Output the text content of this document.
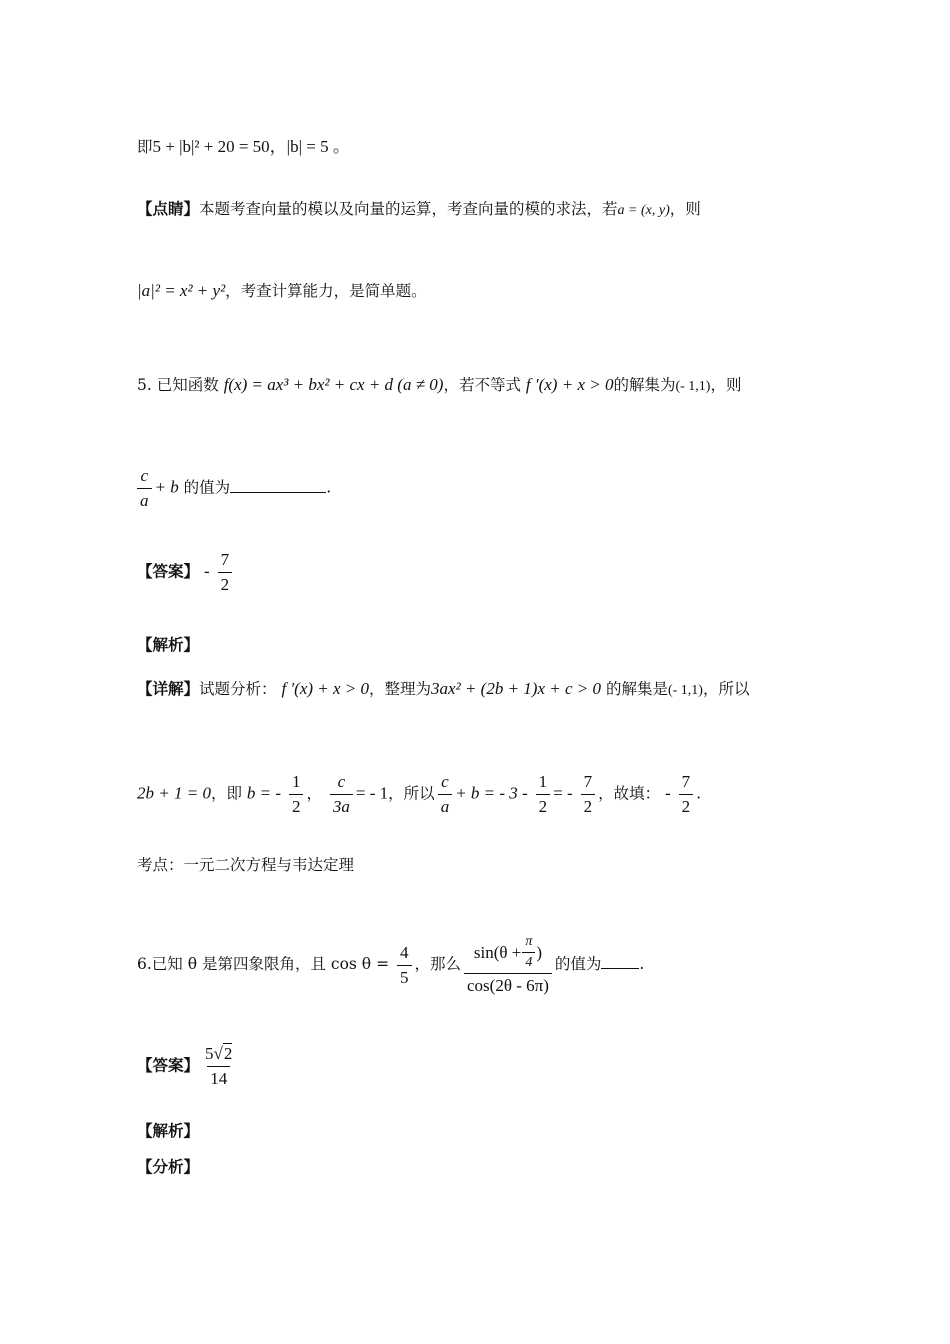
即5 + |b|² + 20 = 50，|b| = 5 。
【点睛】本题考查向量的模以及向量的运算，考查向量的模的求法，若a = (x, y)，则
|a|² = x² + y²，考查计算能力，是简单题。
5. 已知函数 f(x) = ax³ + bx² + cx + d (a ≠ 0)，若不等式 f ′(x) + x > 0的解集为(- 1,1)，则
$\frac{c}{a} + b$ 的值为	.
【答案】 - $\frac{7}{2}$
【解析】
【详解】试题分析： f ′(x) + x > 0，整理为3ax² + (2b + 1)x + c > 0 的解集是(- 1,1)，所以
2b + 1 = 0，即 b = - $\frac{1}{2}$ ， $\frac{c}{3a}$ = - 1，所以 $\frac{c}{a} + b$ = - $3 - \frac{1}{2}$ = - $\frac{7}{2}$ ，故填： - $\frac{7}{2}$ .
考点：一元二次方程与韦达定理
6.已知 θ 是第四象限角，且 $\cos \theta = \frac{4}{5}$ ，那么 $\frac{\sin(\theta + \frac{\pi}{4} )}{\cos(2\theta - 6\pi)}$ 的值为 .
【答案】 $\frac{5√2}{14}$
【解析】
【分析】
